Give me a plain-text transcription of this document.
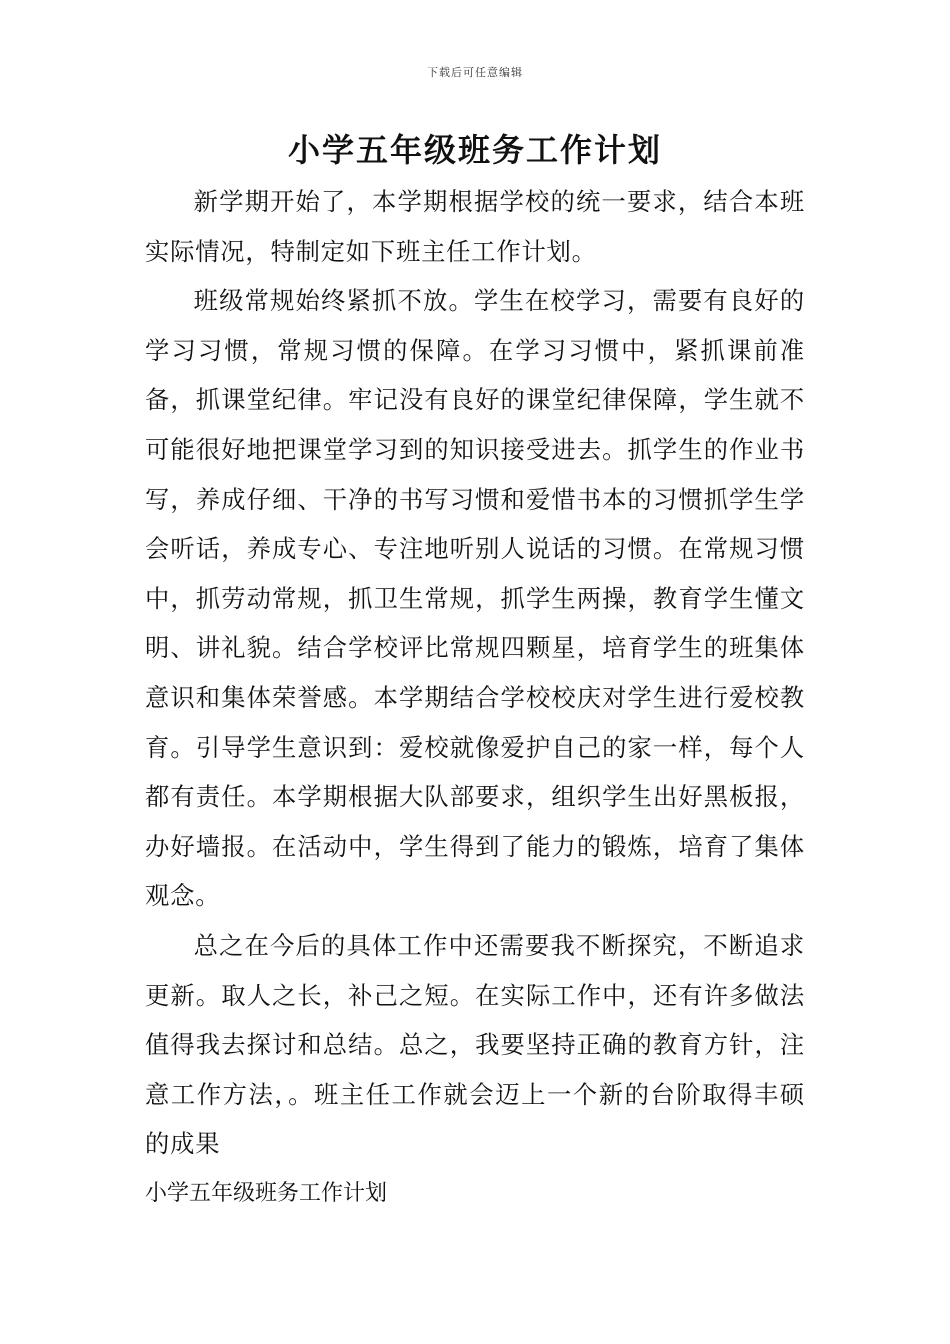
下载后可任意编辑
小学五年级班务工作计划

新学期开始了，本学期根据学校的统一要求，结合本班实际情况，特制定如下班主任工作计划。

班级常规始终紧抓不放。学生在校学习，需要有良好的学习习惯，常规习惯的保障。在学习习惯中，紧抓课前准备，抓课堂纪律。牢记没有良好的课堂纪律保障，学生就不可能很好地把课堂学习到的知识接受进去。抓学生的作业书写，养成仔细、干净的书写习惯和爱惜书本的习惯抓学生学会听话，养成专心、专注地听别人说话的习惯。在常规习惯中，抓劳动常规，抓卫生常规，抓学生两操，教育学生懂文明、讲礼貌。结合学校评比常规四颗星，培育学生的班集体意识和集体荣誉感。本学期结合学校校庆对学生进行爱校教育。引导学生意识到：爱校就像爱护自己的家一样，每个人都有责任。本学期根据大队部要求，组织学生出好黑板报，办好墙报。在活动中，学生得到了能力的锻炼，培育了集体观念。

总之在今后的具体工作中还需要我不断探究，不断追求更新。取人之长，补己之短。在实际工作中，还有许多做法值得我去探讨和总结。总之，我要坚持正确的教育方针，注意工作方法，。班主任工作就会迈上一个新的台阶取得丰硕的成果

小学五年级班务工作计划
